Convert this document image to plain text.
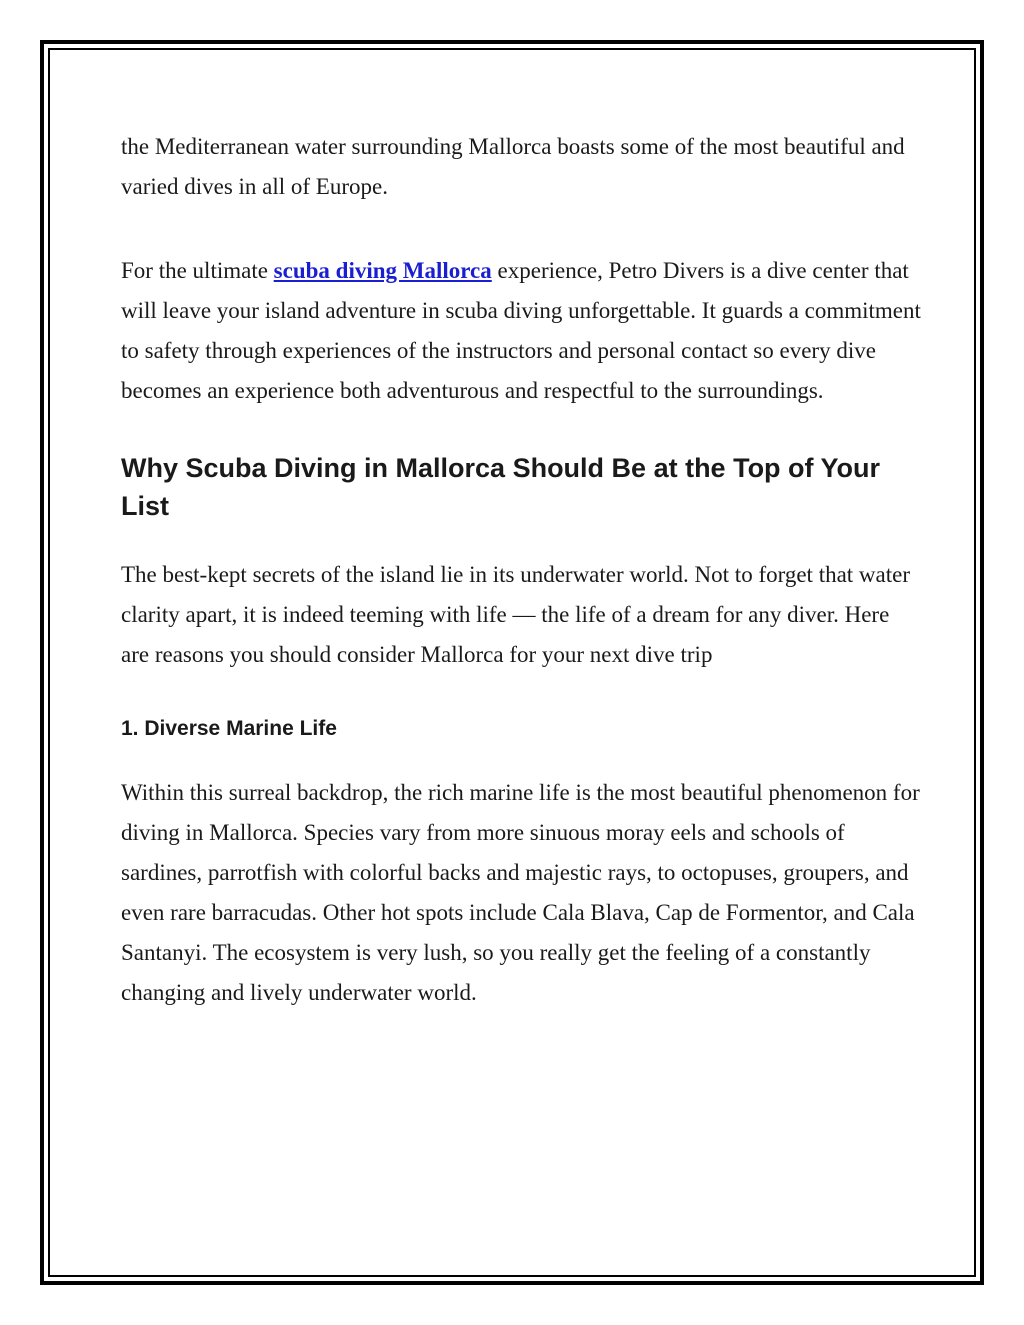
the Mediterranean water surrounding Mallorca boasts some of the most beautiful and varied dives in all of Europe.

For the ultimate scuba diving Mallorca experience, Petro Divers is a dive center that will leave your island adventure in scuba diving unforgettable. It guards a commitment to safety through experiences of the instructors and personal contact so every dive becomes an experience both adventurous and respectful to the surroundings.

Why Scuba Diving in Mallorca Should Be at the Top of Your List

The best-kept secrets of the island lie in its underwater world. Not to forget that water clarity apart, it is indeed teeming with life — the life of a dream for any diver. Here are reasons you should consider Mallorca for your next dive trip

1. Diverse Marine Life

Within this surreal backdrop, the rich marine life is the most beautiful phenomenon for diving in Mallorca. Species vary from more sinuous moray eels and schools of sardines, parrotfish with colorful backs and majestic rays, to octopuses, groupers, and even rare barracudas. Other hot spots include Cala Blava, Cap de Formentor, and Cala Santanyi. The ecosystem is very lush, so you really get the feeling of a constantly changing and lively underwater world.
